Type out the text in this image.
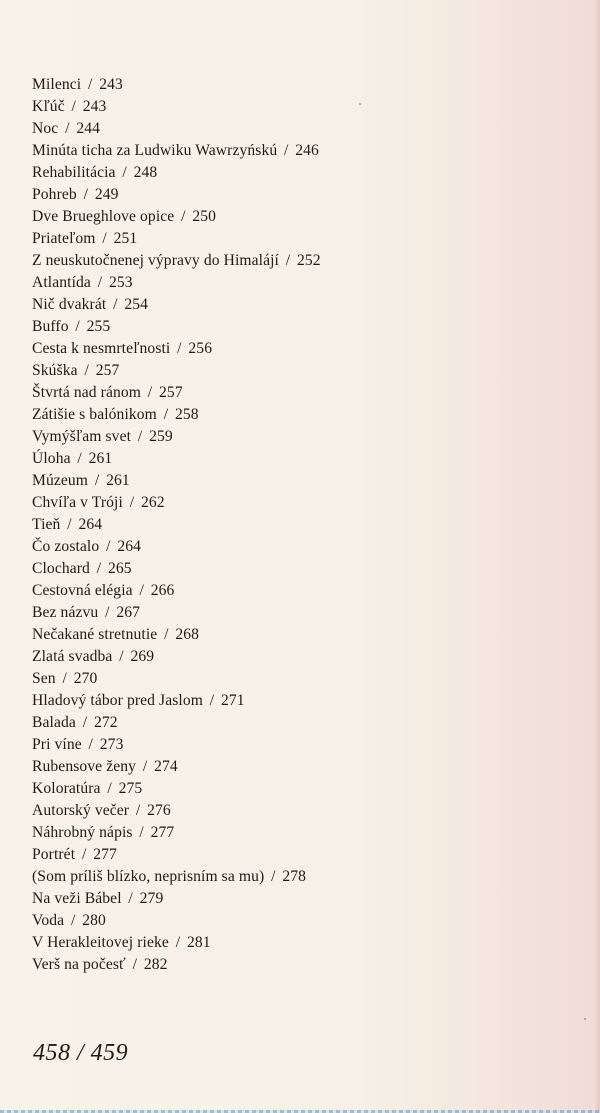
Milenci / 243
Kľúč / 243
Noc / 244
Minúta ticha za Ludwiku Wawrzyńskú / 246
Rehabilitácia / 248
Pohreb / 249
Dve Brueghlove opice / 250
Priateľom / 251
Z neuskutočnenej výpravy do Himalájí / 252
Atlantída / 253
Nič dvakrát / 254
Buffo / 255
Cesta k nesmrteľnosti / 256
Skúška / 257
Štvrtá nad ránom / 257
Zátišie s balónikom / 258
Vymýšľam svet / 259
Úloha / 261
Múzeum / 261
Chvíľa v Tróji / 262
Tieň / 264
Čo zostalo / 264
Clochard / 265
Cestovná elégia / 266
Bez názvu / 267
Nečakané stretnutie / 268
Zlatá svadba / 269
Sen / 270
Hladový tábor pred Jaslom / 271
Balada / 272
Pri víne / 273
Rubensove ženy / 274
Koloratúra / 275
Autorský večer / 276
Náhrobný nápis / 277
Portrét / 277
(Som príliš blízko, neprisním sa mu) / 278
Na veži Bábel / 279
Voda / 280
V Herakleitovej rieke / 281
Verš na počesť / 282
458 / 459
